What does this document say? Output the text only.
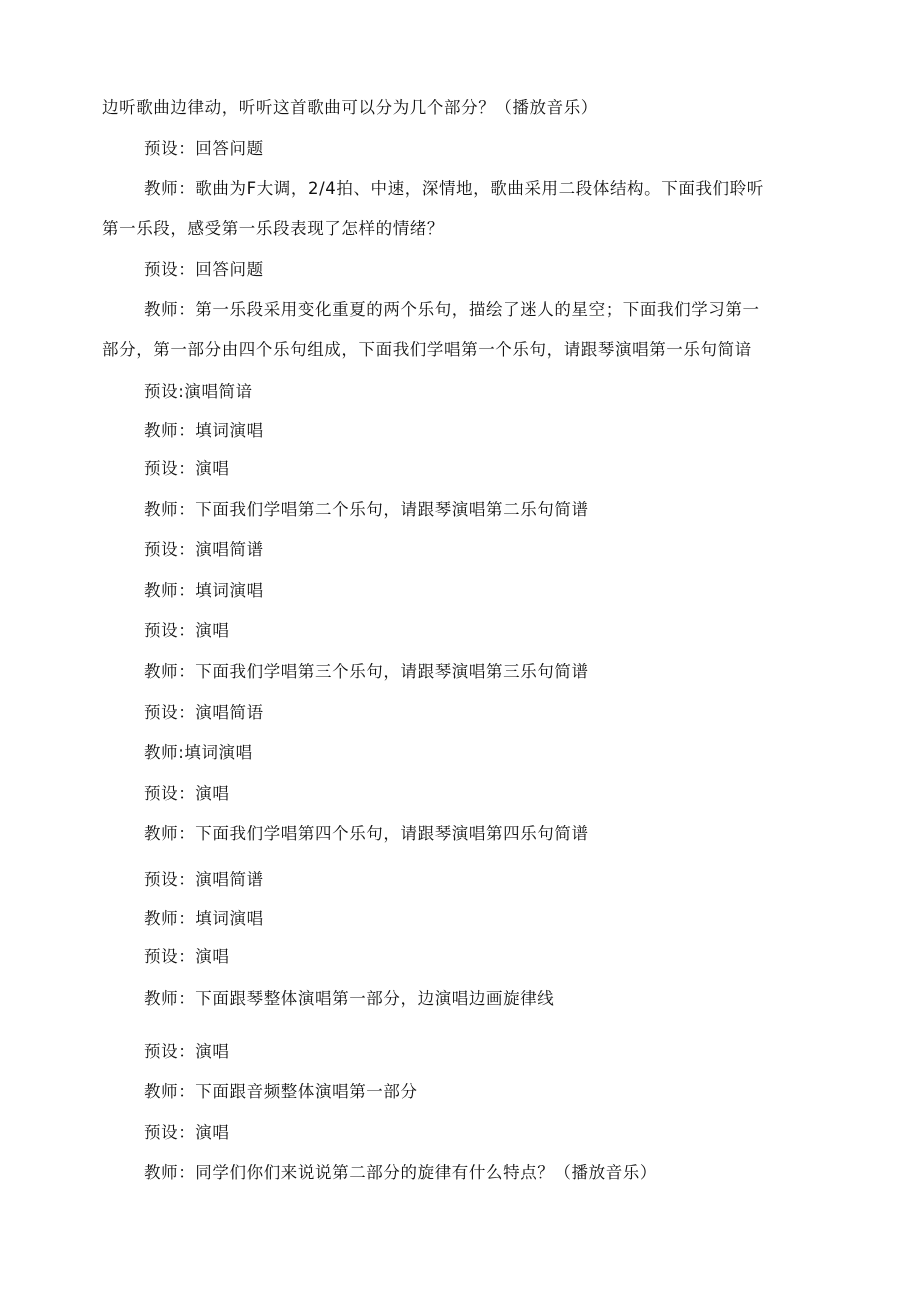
边听歌曲边律动，听听这首歌曲可以分为几个部分？（播放音乐）
预设：回答问题
教师：歌曲为F大调，2/4拍、中速，深情地，歌曲采用二段体结构。下面我们聆听
第一乐段，感受第一乐段表现了怎样的情绪？
预设：回答问题
教师：第一乐段采用变化重夏的两个乐句，描绘了迷人的星空；下面我们学习第一
部分，第一部分由四个乐句组成，下面我们学唱第一个乐句，请跟琴演唱第一乐句简谙
预设:演唱简谙
教师：填词演唱
预设：演唱
教师：下面我们学唱第二个乐句，请跟琴演唱第二乐句简谱
预设：演唱简谱
教师：填词演唱
预设：演唱
教师：下面我们学唱第三个乐句，请跟琴演唱第三乐句简谱
预设：演唱简语
教师:填词演唱
预设：演唱
教师：下面我们学唱第四个乐句，请跟琴演唱第四乐句简谱
预设：演唱简谱
教师：填词演唱
预设：演唱
教师：下面跟琴整体演唱第一部分，边演唱边画旋律线
预设：演唱
教师：下面跟音频整体演唱第一部分
预设：演唱
教师：同学们你们来说说第二部分的旋律有什么特点？（播放音乐）
